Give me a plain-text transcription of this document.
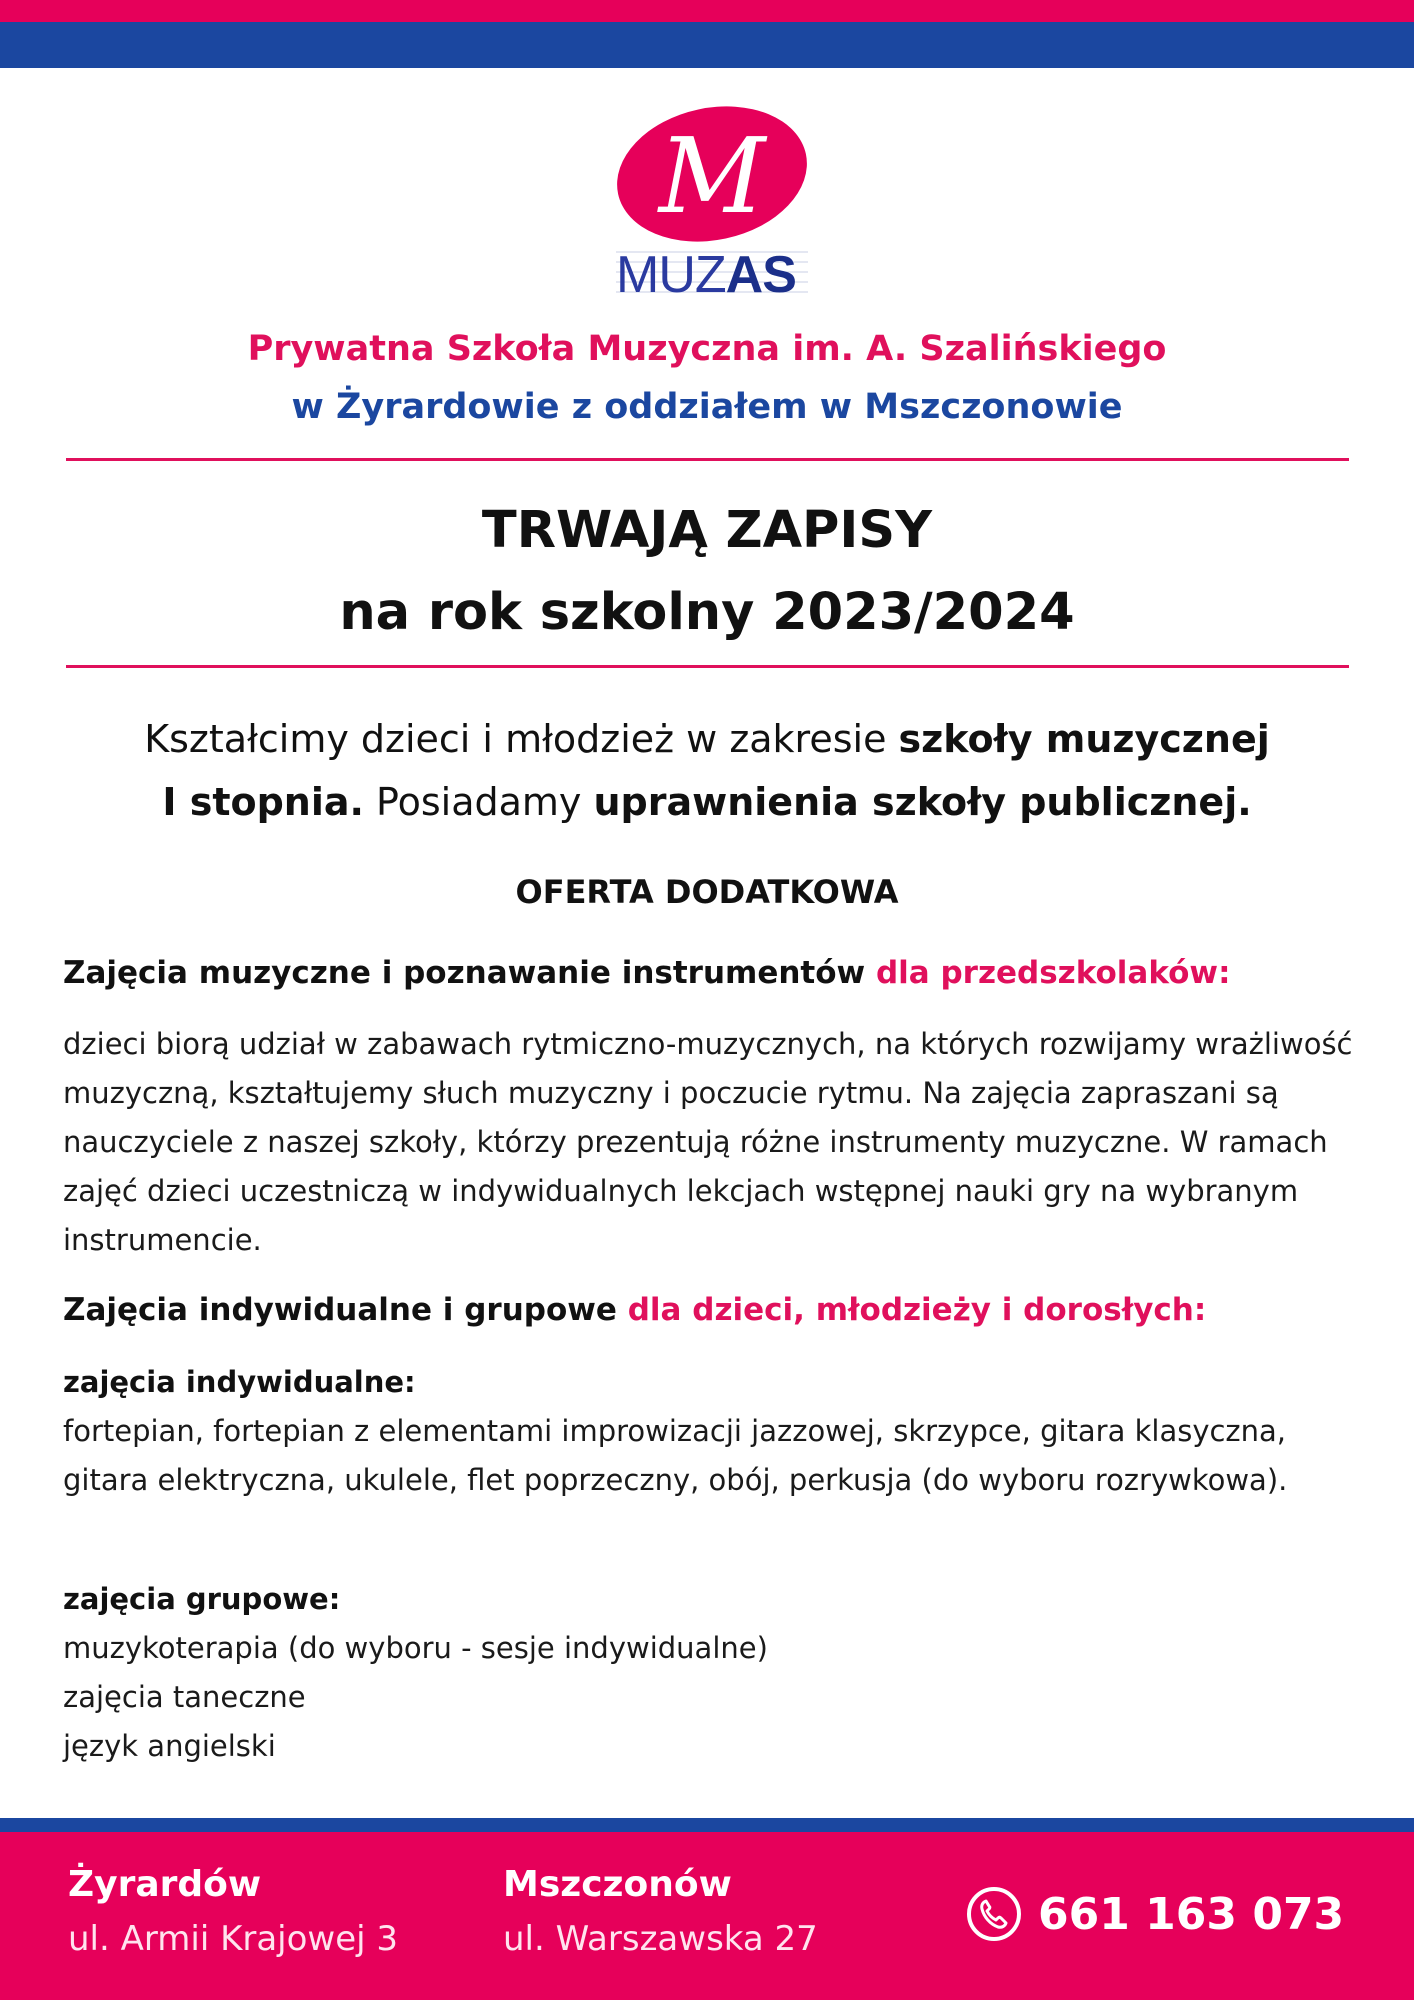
M
MUZAS
Prywatna Szkoła Muzyczna im. A. Szalińskiego
w Żyrardowie z oddziałem w Mszczonowie
TRWAJĄ ZAPISY
na rok szkolny 2023/2024
Kształcimy dzieci i młodzież w zakresie szkoły muzycznej
I stopnia. Posiadamy uprawnienia szkoły publicznej.
OFERTA DODATKOWA
Zajęcia muzyczne i poznawanie instrumentów dla przedszkolaków:
dzieci biorą udział w zabawach rytmiczno-muzycznych, na których rozwijamy wrażliwość muzyczną, kształtujemy słuch muzyczny i poczucie rytmu. Na zajęcia zapraszani są nauczyciele z naszej szkoły, którzy prezentują różne instrumenty muzyczne. W ramach zajęć dzieci uczestniczą w indywidualnych lekcjach wstępnej nauki gry na wybranym instrumencie.
Zajęcia indywidualne i grupowe dla dzieci, młodzieży i dorosłych:
zajęcia indywidualne:
fortepian, fortepian z elementami improwizacji jazzowej, skrzypce, gitara klasyczna, gitara elektryczna, ukulele, flet poprzeczny, obój, perkusja (do wyboru rozrywkowa).
zajęcia grupowe:
muzykoterapia (do wyboru - sesje indywidualne)
zajęcia taneczne
język angielski
Żyrardów
ul. Armii Krajowej 3
Mszczonów
ul. Warszawska 27	661 163 073
